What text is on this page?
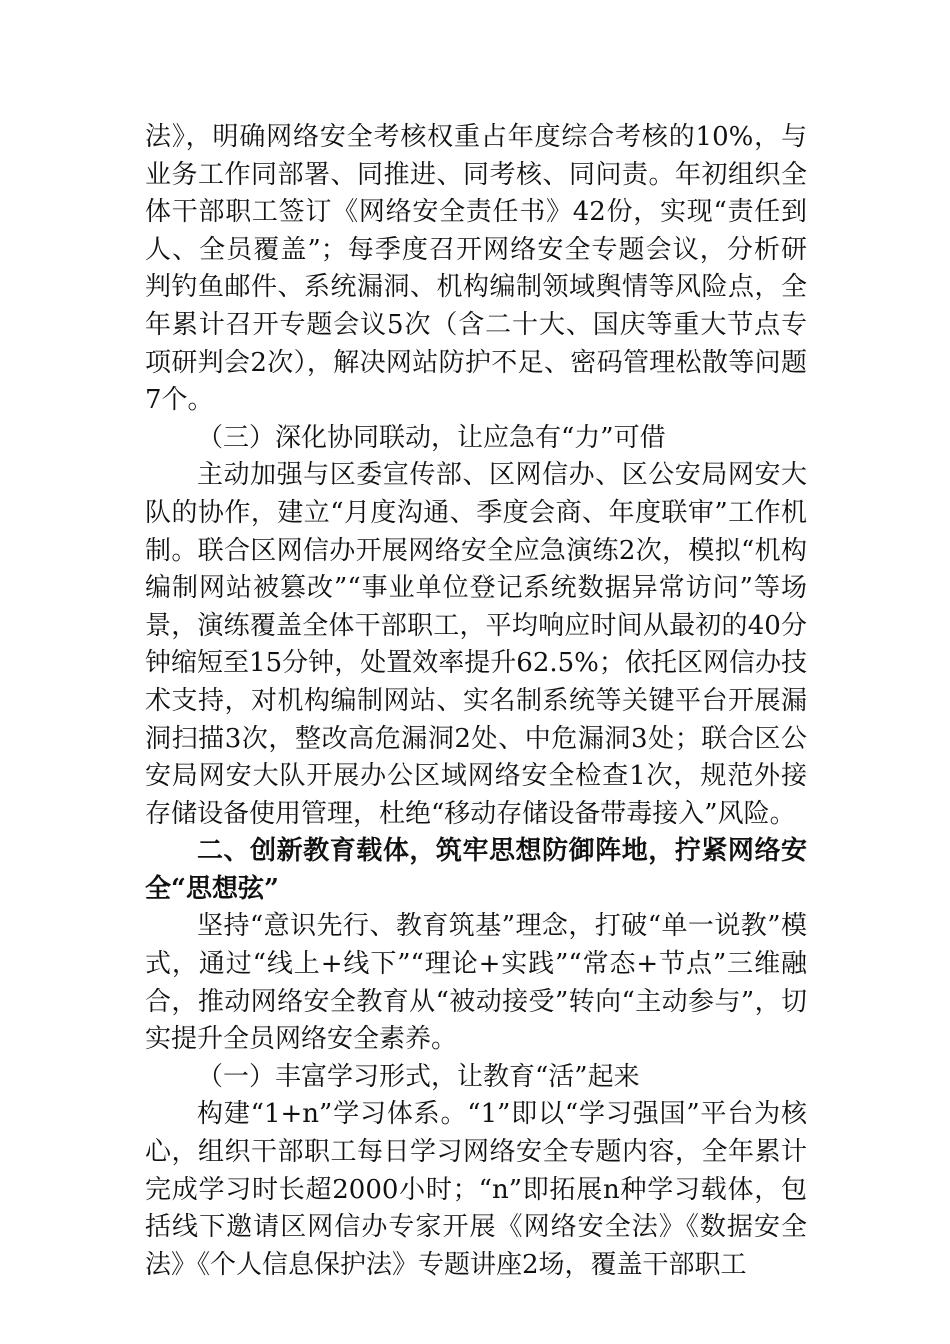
法》，明确网络安全考核权重占年度综合考核的10%，与业务工作同部署、同推进、同考核、同问责。年初组织全体干部职工签订《网络安全责任书》42份，实现“责任到人、全员覆盖”；每季度召开网络安全专题会议，分析研判钓鱼邮件、系统漏洞、机构编制领域舆情等风险点，全年累计召开专题会议5次（含二十大、国庆等重大节点专项研判会2次），解决网站防护不足、密码管理松散等问题7个。

（三）深化协同联动，让应急有“力”可借

主动加强与区委宣传部、区网信办、区公安局网安大队的协作，建立“月度沟通、季度会商、年度联审”工作机制。联合区网信办开展网络安全应急演练2次，模拟“机构编制网站被篡改”“事业单位登记系统数据异常访问”等场景，演练覆盖全体干部职工，平均响应时间从最初的40分钟缩短至15分钟，处置效率提升62.5%；依托区网信办技术支持，对机构编制网站、实名制系统等关键平台开展漏洞扫描3次，整改高危漏洞2处、中危漏洞3处；联合区公安局网安大队开展办公区域网络安全检查1次，规范外接存储设备使用管理，杜绝“移动存储设备带毒接入”风险。

二、创新教育载体，筑牢思想防御阵地，拧紧网络安全“思想弦”

坚持“意识先行、教育筑基”理念，打破“单一说教”模式，通过“线上+线下”“理论+实践”“常态+节点”三维融合，推动网络安全教育从“被动接受”转向“主动参与”，切实提升全员网络安全素养。

（一）丰富学习形式，让教育“活”起来

构建“1+n”学习体系。“1”即以“学习强国”平台为核心，组织干部职工每日学习网络安全专题内容，全年累计完成学习时长超2000小时；“n”即拓展n种学习载体，包括线下邀请区网信办专家开展《网络安全法》《数据安全法》《个人信息保护法》专题讲座2场，覆盖干部职工
